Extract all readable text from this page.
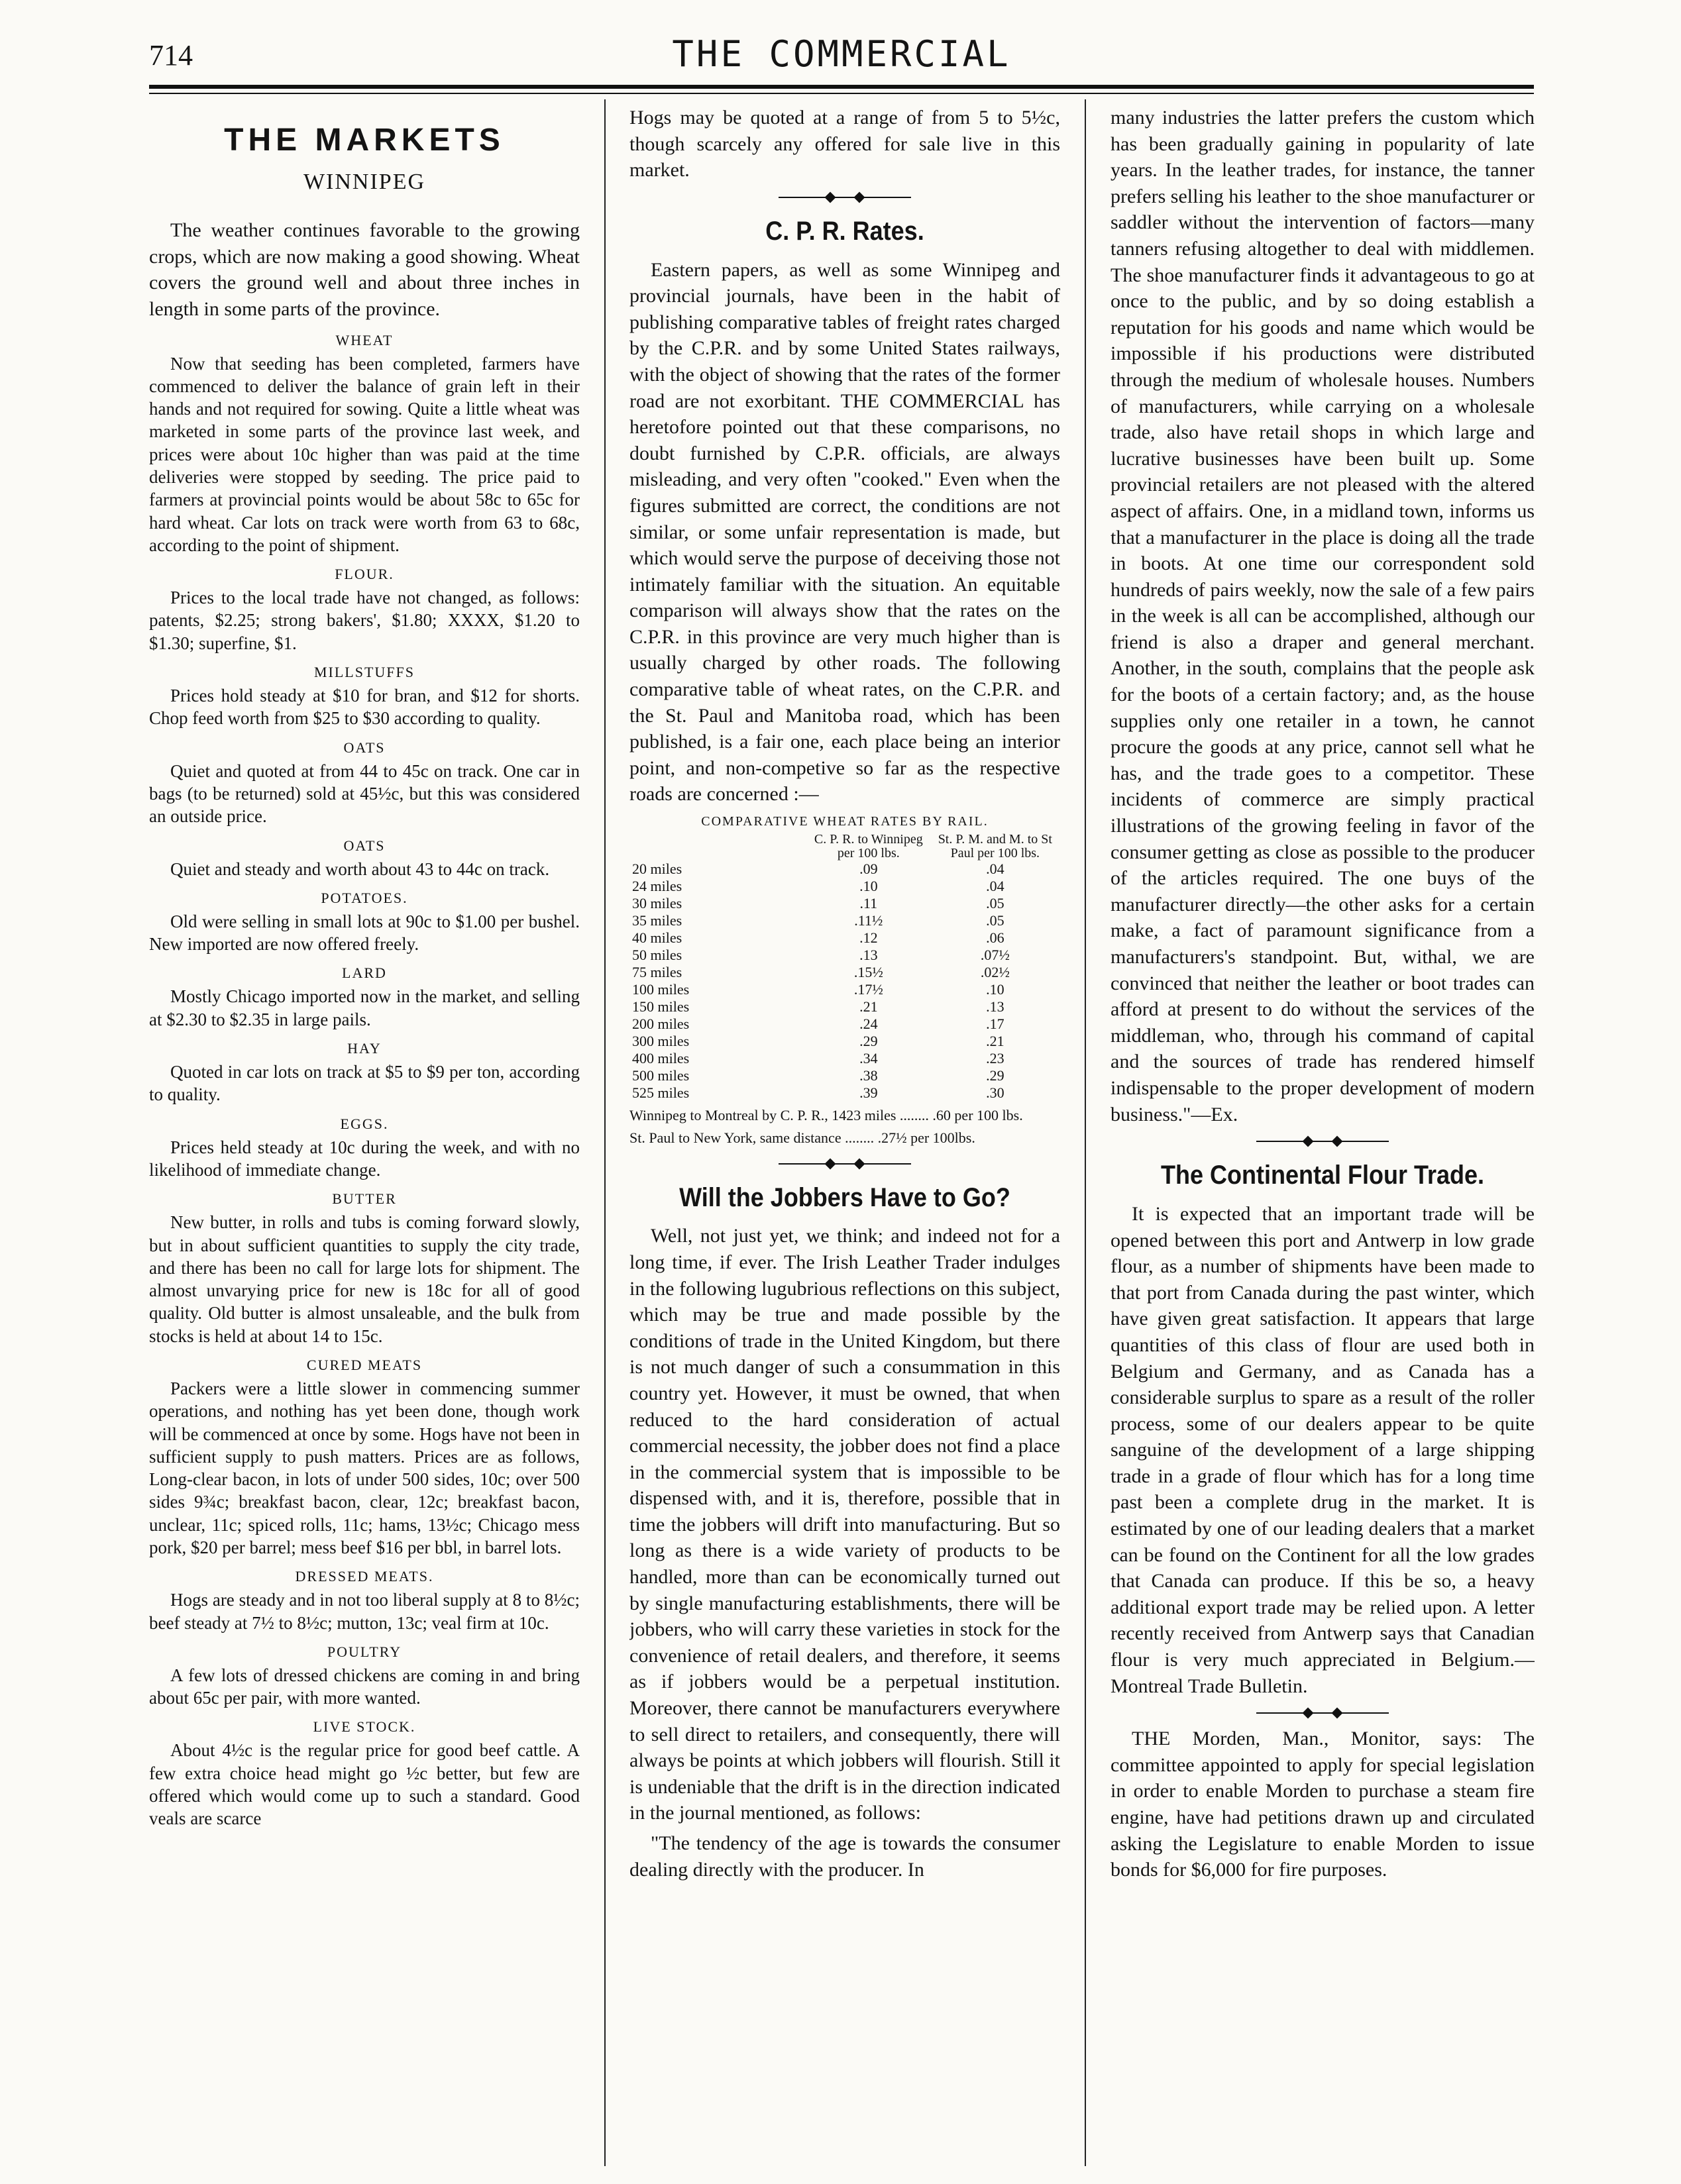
714	THE COMMERCIAL
THE MARKETS
WINNIPEG

The weather continues favorable to the growing crops, which are now making a good showing. Wheat covers the ground well and about three inches in length in some parts of the province.

WHEAT

Now that seeding has been completed, farmers have commenced to deliver the balance of grain left in their hands and not required for sowing. Quite a little wheat was marketed in some parts of the province last week, and prices were about 10c higher than was paid at the time deliveries were stopped by seeding. The price paid to farmers at provincial points would be about 58c to 65c for hard wheat. Car lots on track were worth from 63 to 68c, according to the point of shipment.

FLOUR.

Prices to the local trade have not changed, as follows: patents, $2.25; strong bakers', $1.80; XXXX, $1.20 to $1.30; superfine, $1.

MILLSTUFFS

Prices hold steady at $10 for bran, and $12 for shorts. Chop feed worth from $25 to $30 according to quality.

OATS

Quiet and quoted at from 44 to 45c on track. One car in bags (to be returned) sold at 45½c, but this was considered an outside price.

OATS

Quiet and steady and worth about 43 to 44c on track.

POTATOES.

Old were selling in small lots at 90c to $1.00 per bushel. New imported are now offered freely.

LARD

Mostly Chicago imported now in the market, and selling at $2.30 to $2.35 in large pails.

HAY

Quoted in car lots on track at $5 to $9 per ton, according to quality.

EGGS.

Prices held steady at 10c during the week, and with no likelihood of immediate change.

BUTTER

New butter, in rolls and tubs is coming forward slowly, but in about sufficient quantities to supply the city trade, and there has been no call for large lots for shipment. The almost unvarying price for new is 18c for all of good quality. Old butter is almost unsaleable, and the bulk from stocks is held at about 14 to 15c.

CURED MEATS

Packers were a little slower in commencing summer operations, and nothing has yet been done, though work will be commenced at once by some. Hogs have not been in sufficient supply to push matters. Prices are as follows, Long-clear bacon, in lots of under 500 sides, 10c; over 500 sides 9¾c; breakfast bacon, clear, 12c; breakfast bacon, unclear, 11c; spiced rolls, 11c; hams, 13½c; Chicago mess pork, $20 per barrel; mess beef $16 per bbl, in barrel lots.

DRESSED MEATS.

Hogs are steady and in not too liberal supply at 8 to 8½c; beef steady at 7½ to 8½c; mutton, 13c; veal firm at 10c.

POULTRY

A few lots of dressed chickens are coming in and bring about 65c per pair, with more wanted.

LIVE STOCK.

About 4½c is the regular price for good beef cattle. A few extra choice head might go ½c better, but few are offered which would come up to such a standard. Good veals are scarce

Hogs may be quoted at a range of from 5 to 5½c, though scarcely any offered for sale live in this market.

C. P. R. Rates.

Eastern papers, as well as some Winnipeg and provincial journals, have been in the habit of publishing comparative tables of freight rates charged by the C.P.R. and by some United States railways, with the object of showing that the rates of the former road are not exorbitant. THE COMMERCIAL has heretofore pointed out that these comparisons, no doubt furnished by C.P.R. officials, are always misleading, and very often "cooked." Even when the figures submitted are correct, the conditions are not similar, or some unfair representation is made, but which would serve the purpose of deceiving those not intimately familiar with the situation. An equitable comparison will always show that the rates on the C.P.R. in this province are very much higher than is usually charged by other roads. The following comparative table of wheat rates, on the C.P.R. and the St. Paul and Manitoba road, which has been published, is a fair one, each place being an interior point, and non-competive so far as the respective roads are concerned :—

COMPARATIVE WHEAT RATES BY RAIL.
	C. P. R. to Winnipeg per 100 lbs.	St. P. M. and M. to St Paul per 100 lbs.
20 miles	.09	.04
24 miles	.10	.04
30 miles	.11	.05
35 miles	.11½	.05
40 miles	.12	.06
50 miles	.13	.07½
75 miles	.15½	.02½
100 miles	.17½	.10
150 miles	.21	.13
200 miles	.24	.17
300 miles	.29	.21
400 miles	.34	.23
500 miles	.38	.29
525 miles	.39	.30
Winnipeg to Montreal by C. P. R., 1423 miles ........ .60 per 100 lbs.
St. Paul to New York, same distance ........ .27½ per 100lbs.
Will the Jobbers Have to Go?

Well, not just yet, we think; and indeed not for a long time, if ever. The Irish Leather Trader indulges in the following lugubrious reflections on this subject, which may be true and made possible by the conditions of trade in the United Kingdom, but there is not much danger of such a consummation in this country yet. However, it must be owned, that when reduced to the hard consideration of actual commercial necessity, the jobber does not find a place in the commercial system that is impossible to be dispensed with, and it is, therefore, possible that in time the jobbers will drift into manufacturing. But so long as there is a wide variety of products to be handled, more than can be economically turned out by single manufacturing establishments, there will be jobbers, who will carry these varieties in stock for the convenience of retail dealers, and therefore, it seems as if jobbers would be a perpetual institution. Moreover, there cannot be manufacturers everywhere to sell direct to retailers, and consequently, there will always be points at which jobbers will flourish. Still it is undeniable that the drift is in the direction indicated in the journal mentioned, as follows:

"The tendency of the age is towards the consumer dealing directly with the producer. In

many industries the latter prefers the custom which has been gradually gaining in popularity of late years. In the leather trades, for instance, the tanner prefers selling his leather to the shoe manufacturer or saddler without the intervention of factors—many tanners refusing altogether to deal with middlemen. The shoe manufacturer finds it advantageous to go at once to the public, and by so doing establish a reputation for his goods and name which would be impossible if his productions were distributed through the medium of wholesale houses. Numbers of manufacturers, while carrying on a wholesale trade, also have retail shops in which large and lucrative businesses have been built up. Some provincial retailers are not pleased with the altered aspect of affairs. One, in a midland town, informs us that a manufacturer in the place is doing all the trade in boots. At one time our correspondent sold hundreds of pairs weekly, now the sale of a few pairs in the week is all can be accomplished, although our friend is also a draper and general merchant. Another, in the south, complains that the people ask for the boots of a certain factory; and, as the house supplies only one retailer in a town, he cannot procure the goods at any price, cannot sell what he has, and the trade goes to a competitor. These incidents of commerce are simply practical illustrations of the growing feeling in favor of the consumer getting as close as possible to the producer of the articles required. The one buys of the manufacturer directly—the other asks for a certain make, a fact of paramount significance from a manufacturers's standpoint. But, withal, we are convinced that neither the leather or boot trades can afford at present to do without the services of the middleman, who, through his command of capital and the sources of trade has rendered himself indispensable to the proper development of modern business."—Ex.

The Continental Flour Trade.

It is expected that an important trade will be opened between this port and Antwerp in low grade flour, as a number of shipments have been made to that port from Canada during the past winter, which have given great satisfaction. It appears that large quantities of this class of flour are used both in Belgium and Germany, and as Canada has a considerable surplus to spare as a result of the roller process, some of our dealers appear to be quite sanguine of the development of a large shipping trade in a grade of flour which has for a long time past been a complete drug in the market. It is estimated by one of our leading dealers that a market can be found on the Continent for all the low grades that Canada can produce. If this be so, a heavy additional export trade may be relied upon. A letter recently received from Antwerp says that Canadian flour is very much appreciated in Belgium.—Montreal Trade Bulletin.

THE Morden, Man., Monitor, says: The committee appointed to apply for special legislation in order to enable Morden to purchase a steam fire engine, have had petitions drawn up and circulated asking the Legislature to enable Morden to issue bonds for $6,000 for fire purposes.
